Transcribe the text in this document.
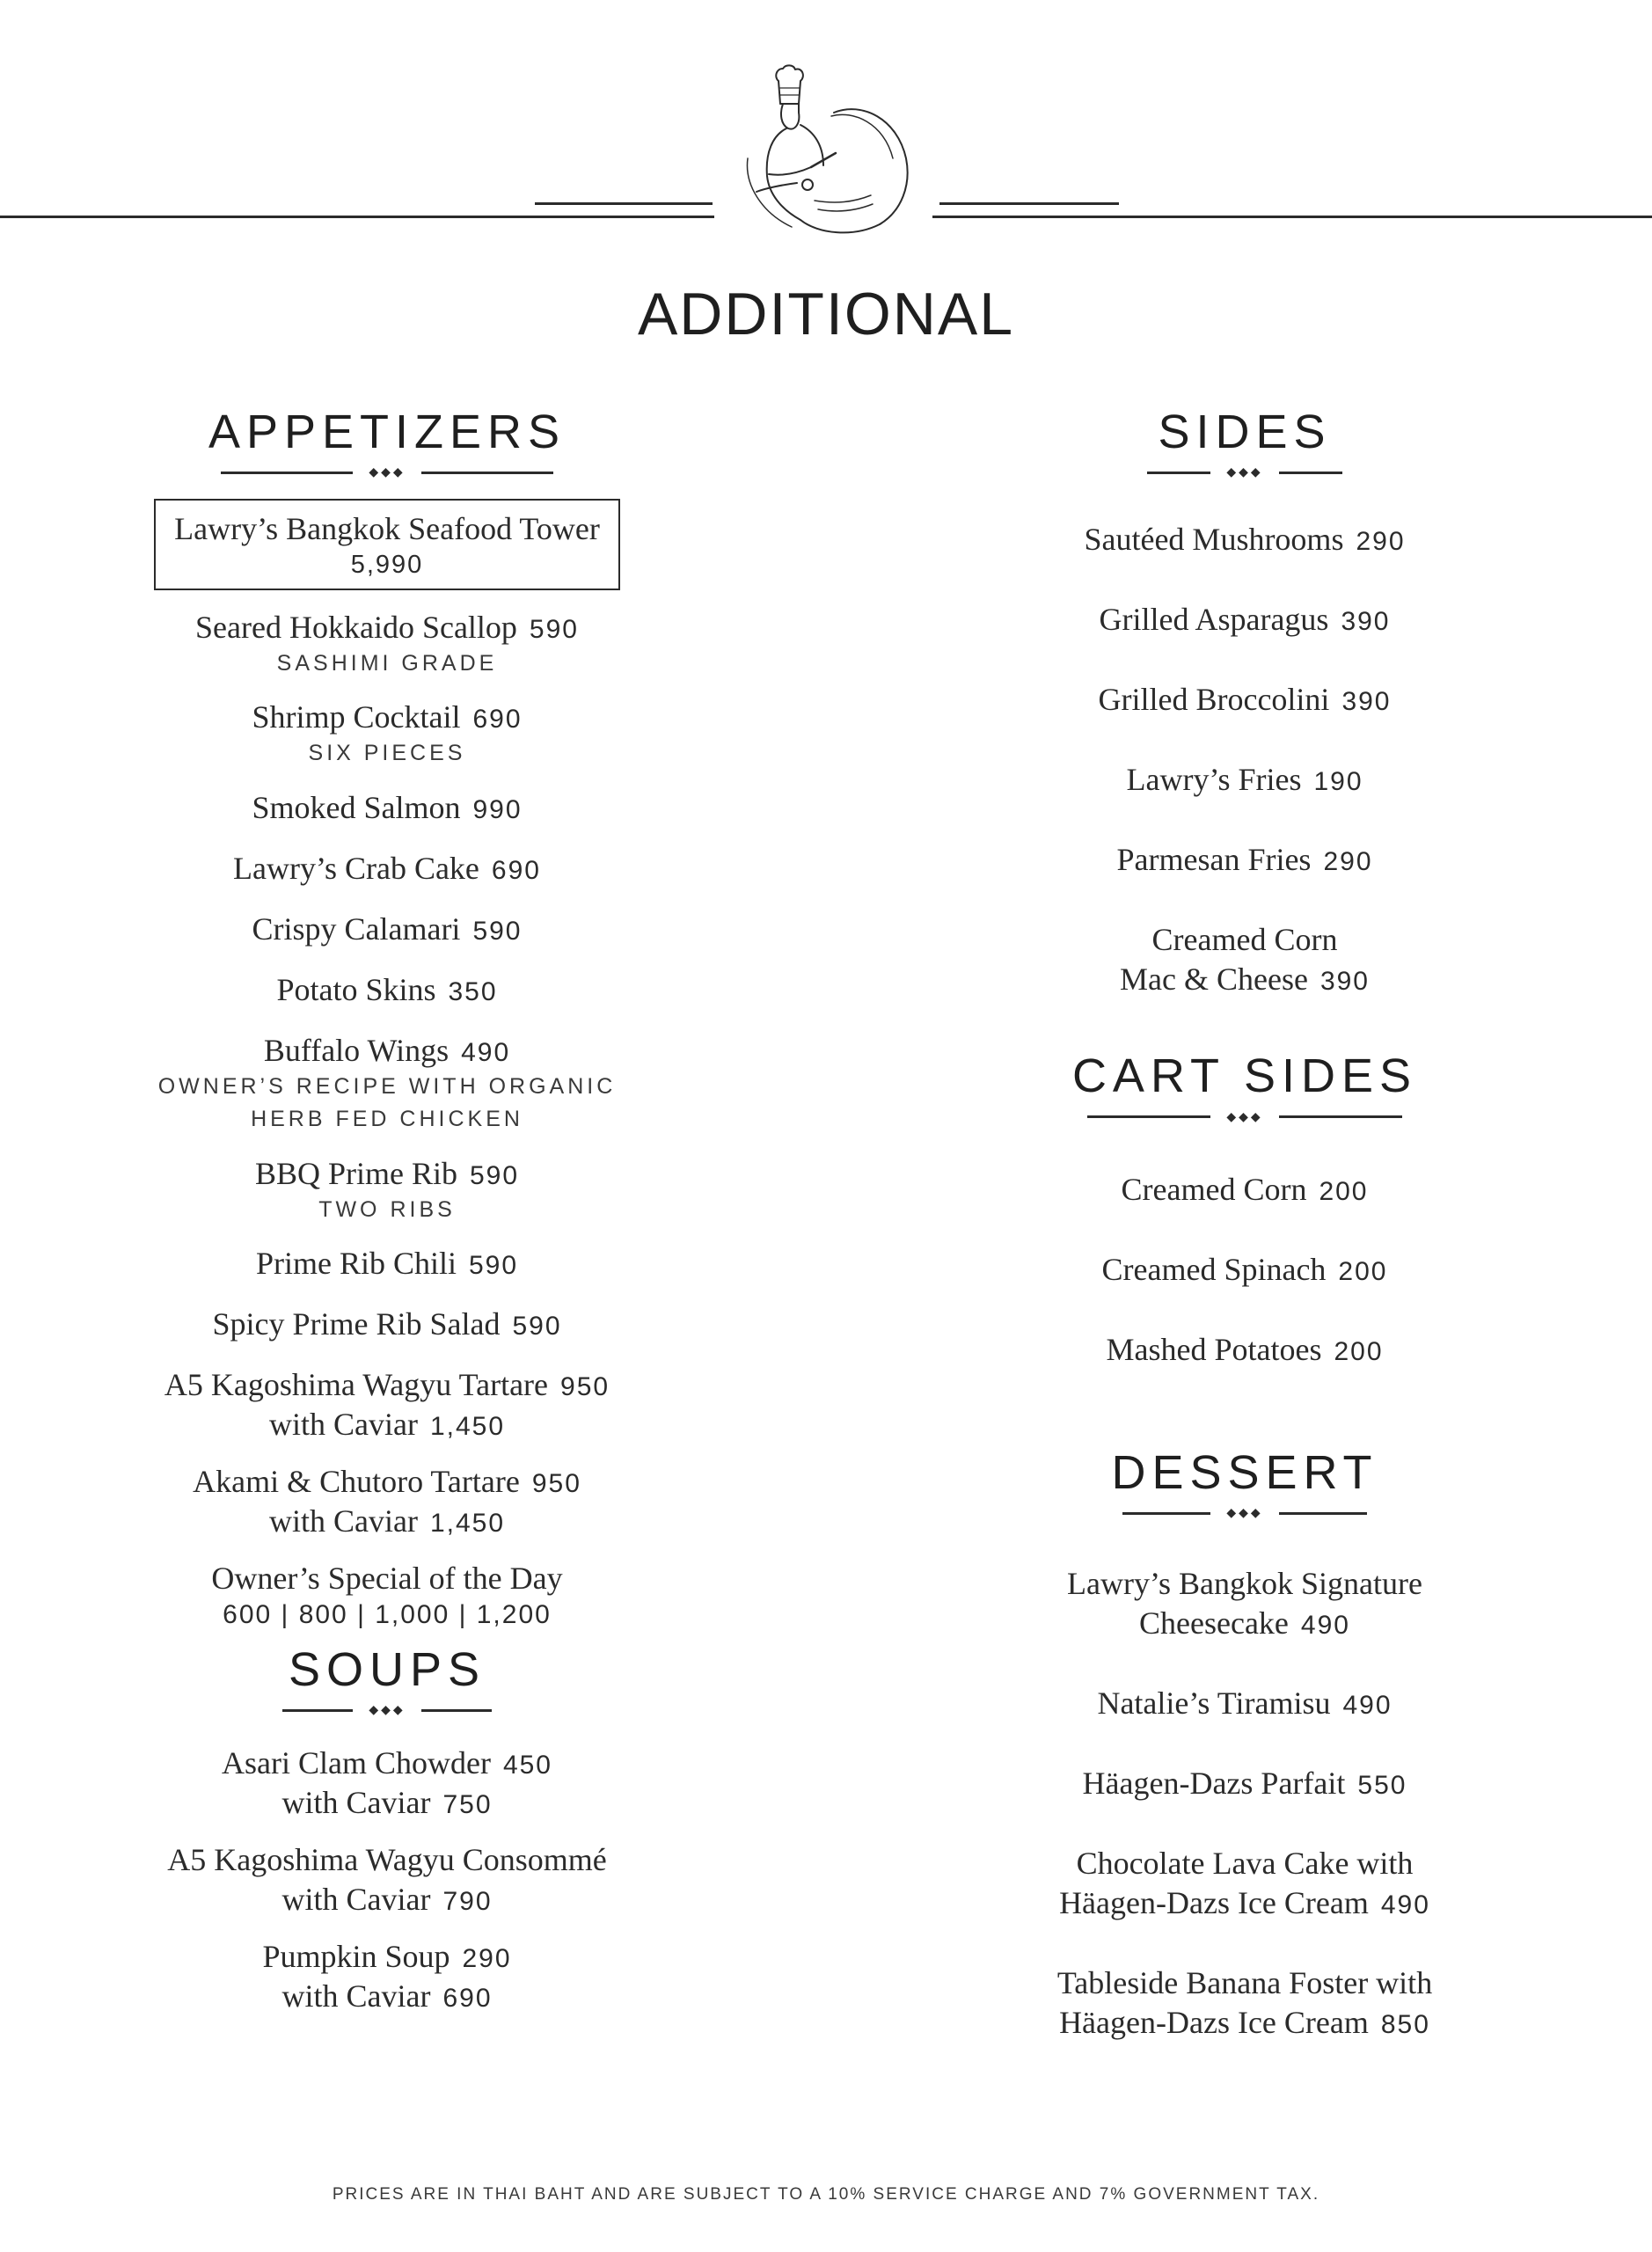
ADDITIONAL
APPETIZERS
◆◆◆
Lawry’s Bangkok Seafood Tower
5,990
Seared Hokkaido Scallop 590
SASHIMI GRADE
Shrimp Cocktail 690
SIX PIECES
Smoked Salmon 990
Lawry’s Crab Cake 690
Crispy Calamari 590
Potato Skins 350
Buffalo Wings 490
OWNER’S RECIPE WITH ORGANIC
HERB FED CHICKEN
BBQ Prime Rib 590
TWO RIBS
Prime Rib Chili 590
Spicy Prime Rib Salad 590
A5 Kagoshima Wagyu Tartare 950
with Caviar 1,450
Akami & Chutoro Tartare 950
with Caviar 1,450
Owner’s Special of the Day
600 | 800 | 1,000 | 1,200
SOUPS
◆◆◆
Asari Clam Chowder 450
with Caviar 750
A5 Kagoshima Wagyu Consommé
with Caviar 790
Pumpkin Soup 290
with Caviar 690
SIDES
◆◆◆
Sautéed Mushrooms 290
Grilled Asparagus 390
Grilled Broccolini 390
Lawry’s Fries 190
Parmesan Fries 290
Creamed Corn
Mac & Cheese 390
CART SIDES
◆◆◆
Creamed Corn 200
Creamed Spinach 200
Mashed Potatoes 200
DESSERT
◆◆◆
Lawry’s Bangkok Signature
Cheesecake 490
Natalie’s Tiramisu 490
Häagen-Dazs Parfait 550
Chocolate Lava Cake with
Häagen-Dazs Ice Cream 490
Tableside Banana Foster with
Häagen-Dazs Ice Cream 850
PRICES ARE IN THAI BAHT AND ARE SUBJECT TO A 10% SERVICE CHARGE AND 7% GOVERNMENT TAX.
